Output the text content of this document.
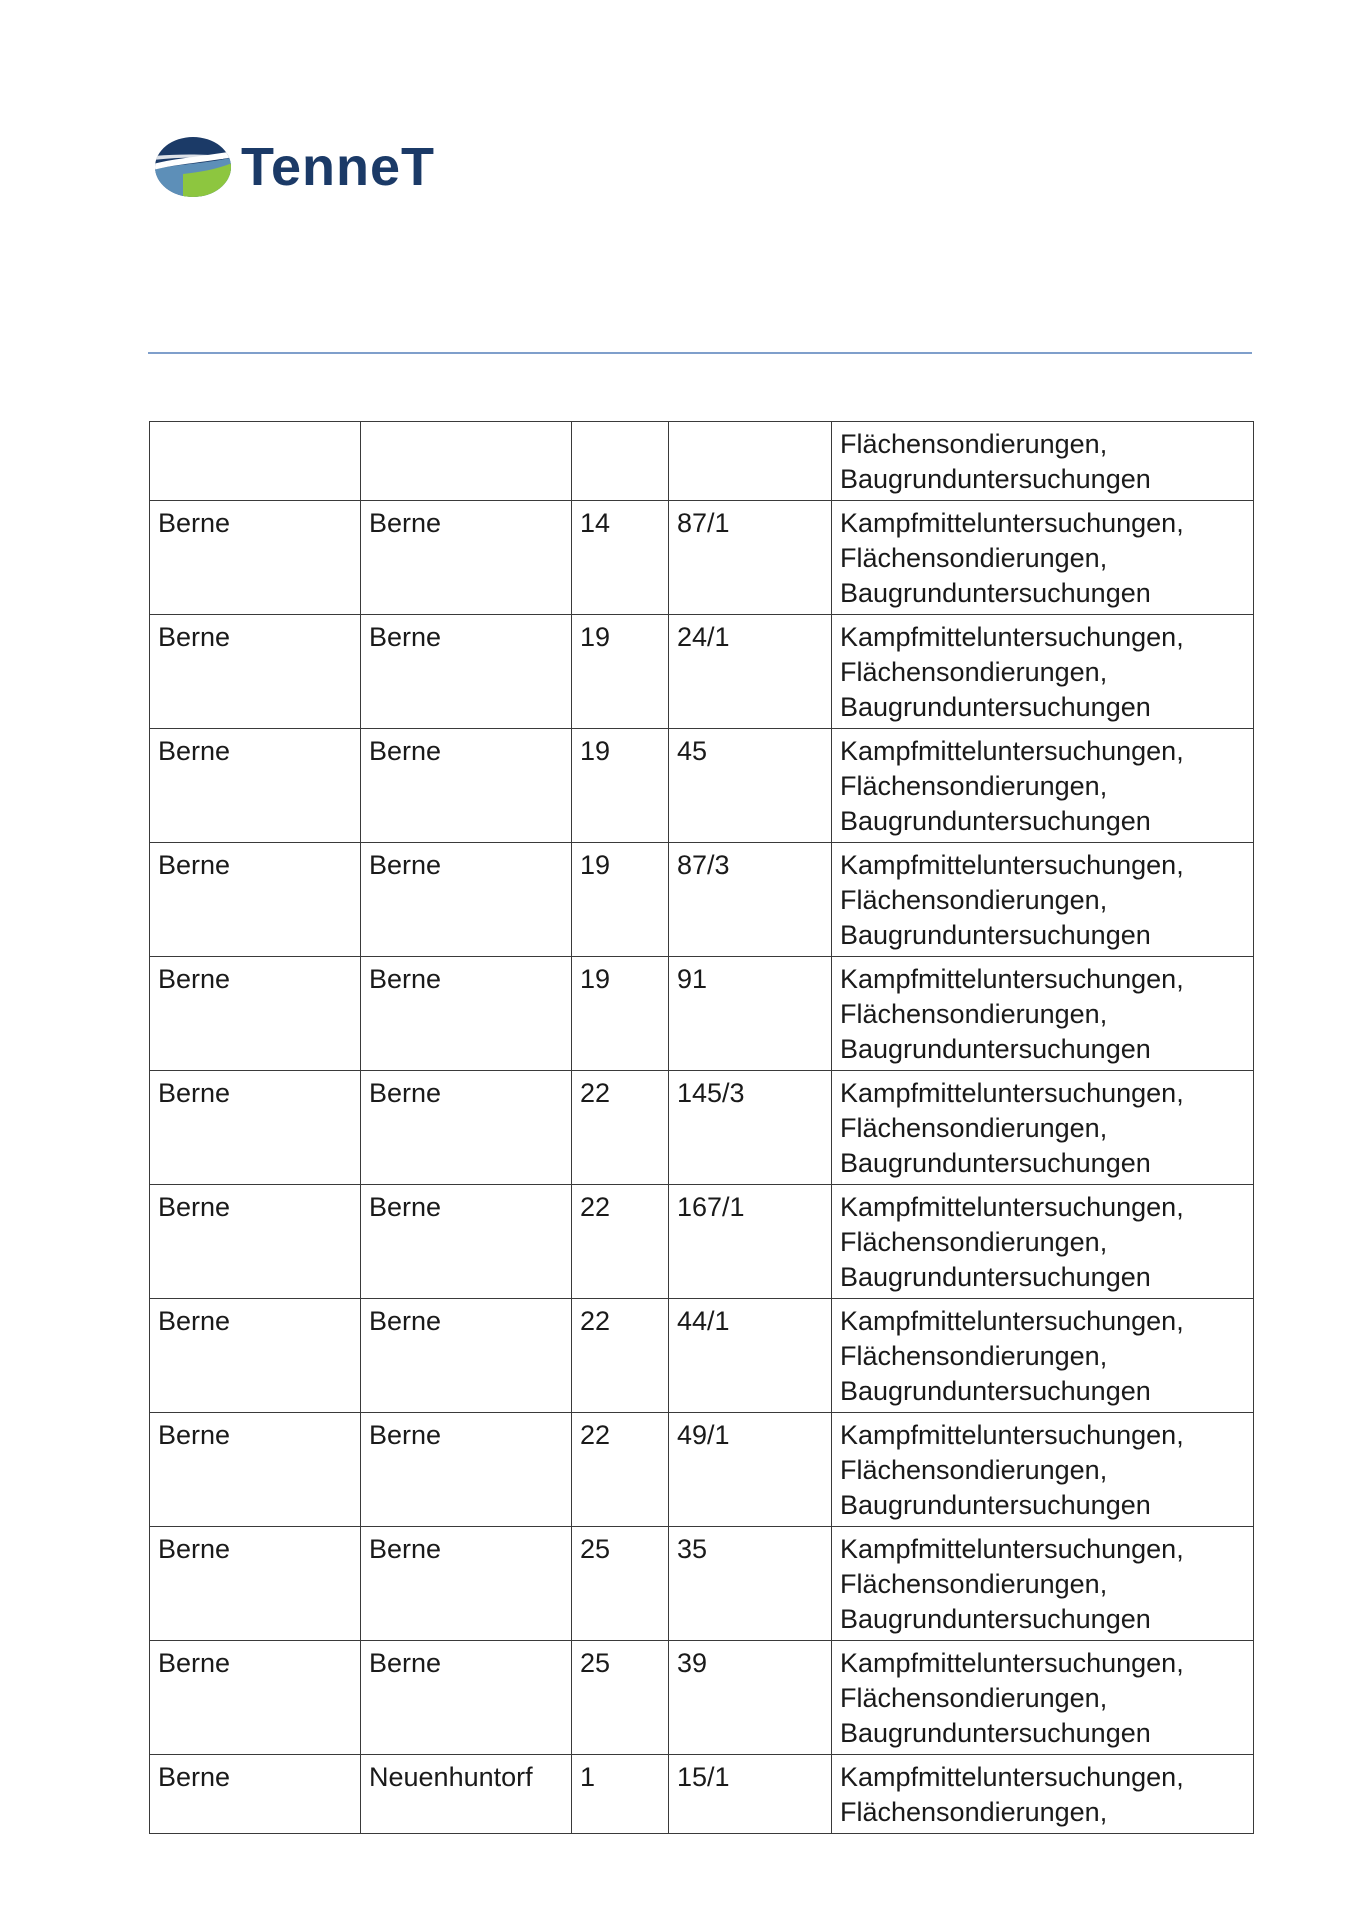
TenneT

				Flächensondierungen,
Baugrunduntersuchungen

Berne	Berne	14	87/1	Kampfmitteluntersuchungen,
Flächensondierungen,
Baugrunduntersuchungen

Berne	Berne	19	24/1	Kampfmitteluntersuchungen,
Flächensondierungen,
Baugrunduntersuchungen

Berne	Berne	19	45	Kampfmitteluntersuchungen,
Flächensondierungen,
Baugrunduntersuchungen

Berne	Berne	19	87/3	Kampfmitteluntersuchungen,
Flächensondierungen,
Baugrunduntersuchungen

Berne	Berne	19	91	Kampfmitteluntersuchungen,
Flächensondierungen,
Baugrunduntersuchungen

Berne	Berne	22	145/3	Kampfmitteluntersuchungen,
Flächensondierungen,
Baugrunduntersuchungen

Berne	Berne	22	167/1	Kampfmitteluntersuchungen,
Flächensondierungen,
Baugrunduntersuchungen

Berne	Berne	22	44/1	Kampfmitteluntersuchungen,
Flächensondierungen,
Baugrunduntersuchungen

Berne	Berne	22	49/1	Kampfmitteluntersuchungen,
Flächensondierungen,
Baugrunduntersuchungen

Berne	Berne	25	35	Kampfmitteluntersuchungen,
Flächensondierungen,
Baugrunduntersuchungen

Berne	Berne	25	39	Kampfmitteluntersuchungen,
Flächensondierungen,
Baugrunduntersuchungen

Berne	Neuenhuntorf	1	15/1	Kampfmitteluntersuchungen,
Flächensondierungen,
